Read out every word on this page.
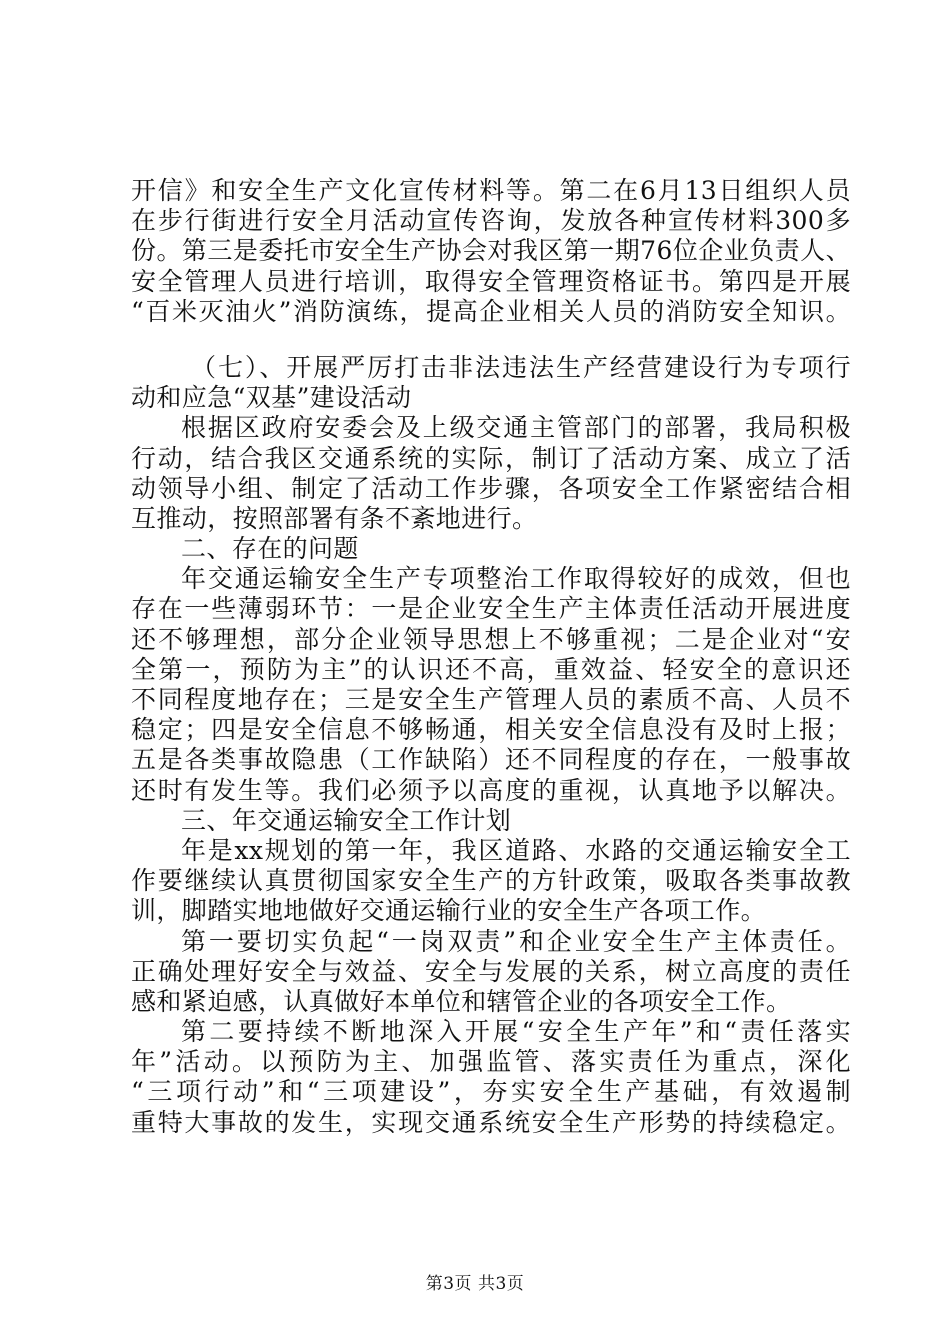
开信》和安全生产文化宣传材料等。第二在6月13日组织人员
在步行街进行安全月活动宣传咨询，发放各种宣传材料300多
份。第三是委托市安全生产协会对我区第一期76位企业负责人、
安全管理人员进行培训，取得安全管理资格证书。第四是开展
“百米灭油火”消防演练，提高企业相关人员的消防安全知识。
（七）、开展严厉打击非法违法生产经营建设行为专项行
动和应急“双基”建设活动
根据区政府安委会及上级交通主管部门的部署，我局积极
行动，结合我区交通系统的实际，制订了活动方案、成立了活
动领导小组、制定了活动工作步骤，各项安全工作紧密结合相
互推动，按照部署有条不紊地进行。
二、存在的问题
年交通运输安全生产专项整治工作取得较好的成效，但也
存在一些薄弱环节：一是企业安全生产主体责任活动开展进度
还不够理想，部分企业领导思想上不够重视；二是企业对“安
全第一，预防为主”的认识还不高，重效益、轻安全的意识还
不同程度地存在；三是安全生产管理人员的素质不高、人员不
稳定；四是安全信息不够畅通，相关安全信息没有及时上报；
五是各类事故隐患（工作缺陷）还不同程度的存在，一般事故
还时有发生等。我们必须予以高度的重视，认真地予以解决。
三、年交通运输安全工作计划
年是xx规划的第一年，我区道路、水路的交通运输安全工
作要继续认真贯彻国家安全生产的方针政策，吸取各类事故教
训，脚踏实地地做好交通运输行业的安全生产各项工作。
第一要切实负起“一岗双责”和企业安全生产主体责任。
正确处理好安全与效益、安全与发展的关系，树立高度的责任
感和紧迫感，认真做好本单位和辖管企业的各项安全工作。
第二要持续不断地深入开展“安全生产年”和“责任落实
年”活动。以预防为主、加强监管、落实责任为重点，深化
“三项行动”和“三项建设”，夯实安全生产基础，有效遏制
重特大事故的发生，实现交通系统安全生产形势的持续稳定。
第3页 共3页
